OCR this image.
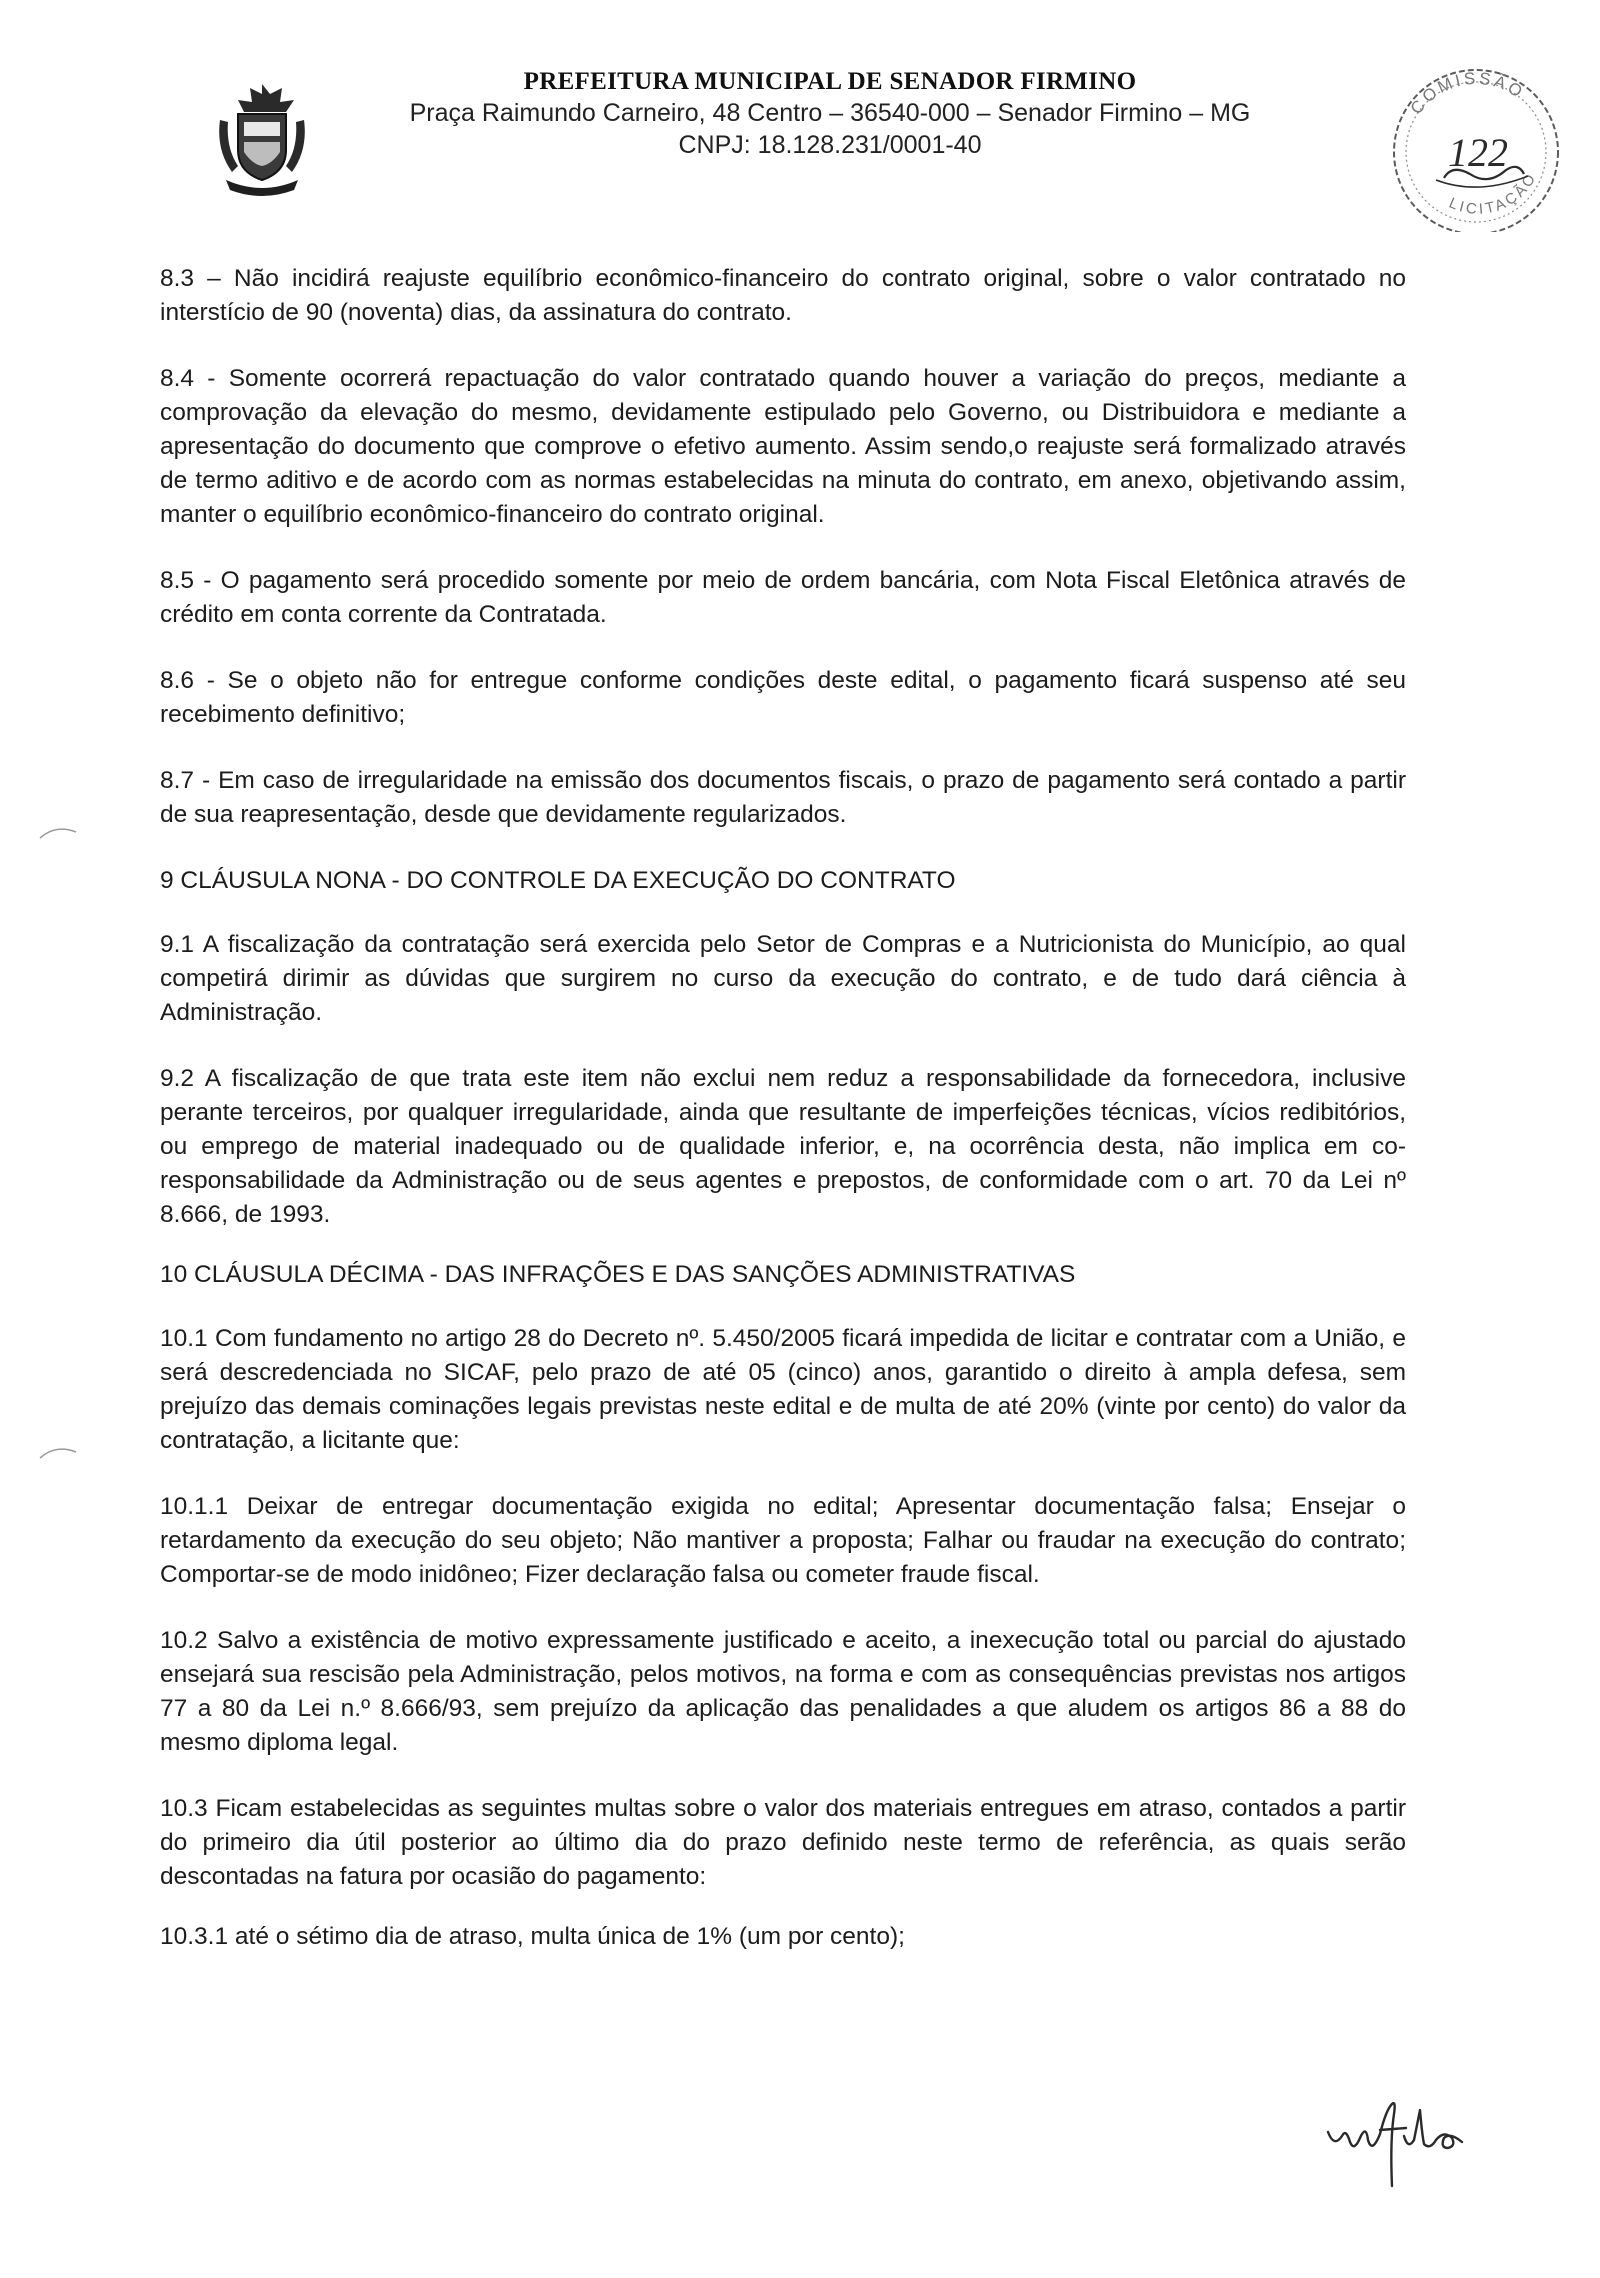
PREFEITURA MUNICIPAL DE SENADOR FIRMINO
Praça Raimundo Carneiro, 48 Centro – 36540-000 – Senador Firmino – MG
CNPJ: 18.128.231/0001-40
COMISSÃO
LICITAÇÃO
122

8.3 – Não incidirá reajuste equilíbrio econômico-financeiro do contrato original, sobre o valor contratado no interstício de 90 (noventa) dias, da assinatura do contrato.

8.4 - Somente ocorrerá repactuação do valor contratado quando houver a variação do preços, mediante a comprovação da elevação do mesmo, devidamente estipulado pelo Governo, ou Distribuidora e mediante a apresentação do documento que comprove o efetivo aumento. Assim sendo,o reajuste será formalizado através de termo aditivo e de acordo com as normas estabelecidas na minuta do contrato, em anexo, objetivando assim, manter o equilíbrio econômico-financeiro do contrato original.

8.5 - O pagamento será procedido somente por meio de ordem bancária, com Nota Fiscal Eletônica através de crédito em conta corrente da Contratada.

8.6 - Se o objeto não for entregue conforme condições deste edital, o pagamento ficará suspenso até seu recebimento definitivo;

8.7 - Em caso de irregularidade na emissão dos documentos fiscais, o prazo de pagamento será contado a partir de sua reapresentação, desde que devidamente regularizados.

9 CLÁUSULA NONA - DO CONTROLE DA EXECUÇÃO DO CONTRATO

9.1 A fiscalização da contratação será exercida pelo Setor de Compras e a Nutricionista do Município, ao qual competirá dirimir as dúvidas que surgirem no curso da execução do contrato, e de tudo dará ciência à Administração.

9.2 A fiscalização de que trata este item não exclui nem reduz a responsabilidade da fornecedora, inclusive perante terceiros, por qualquer irregularidade, ainda que resultante de imperfeições técnicas, vícios redibitórios, ou emprego de material inadequado ou de qualidade inferior, e, na ocorrência desta, não implica em co-responsabilidade da Administração ou de seus agentes e prepostos, de conformidade com o art. 70 da Lei nº 8.666, de 1993.

10 CLÁUSULA DÉCIMA - DAS INFRAÇÕES E DAS SANÇÕES ADMINISTRATIVAS

10.1 Com fundamento no artigo 28 do Decreto nº. 5.450/2005 ficará impedida de licitar e contratar com a União, e será descredenciada no SICAF, pelo prazo de até 05 (cinco) anos, garantido o direito à ampla defesa, sem prejuízo das demais cominações legais previstas neste edital e de multa de até 20% (vinte por cento) do valor da contratação, a licitante que:

10.1.1 Deixar de entregar documentação exigida no edital; Apresentar documentação falsa; Ensejar o retardamento da execução do seu objeto; Não mantiver a proposta; Falhar ou fraudar na execução do contrato; Comportar-se de modo inidôneo; Fizer declaração falsa ou cometer fraude fiscal.

10.2 Salvo a existência de motivo expressamente justificado e aceito, a inexecução total ou parcial do ajustado ensejará sua rescisão pela Administração, pelos motivos, na forma e com as consequências previstas nos artigos 77 a 80 da Lei n.º 8.666/93, sem prejuízo da aplicação das penalidades a que aludem os artigos 86 a 88 do mesmo diploma legal.

10.3 Ficam estabelecidas as seguintes multas sobre o valor dos materiais entregues em atraso, contados a partir do primeiro dia útil posterior ao último dia do prazo definido neste termo de referência, as quais serão descontadas na fatura por ocasião do pagamento:

10.3.1 até o sétimo dia de atraso, multa única de 1% (um por cento);
